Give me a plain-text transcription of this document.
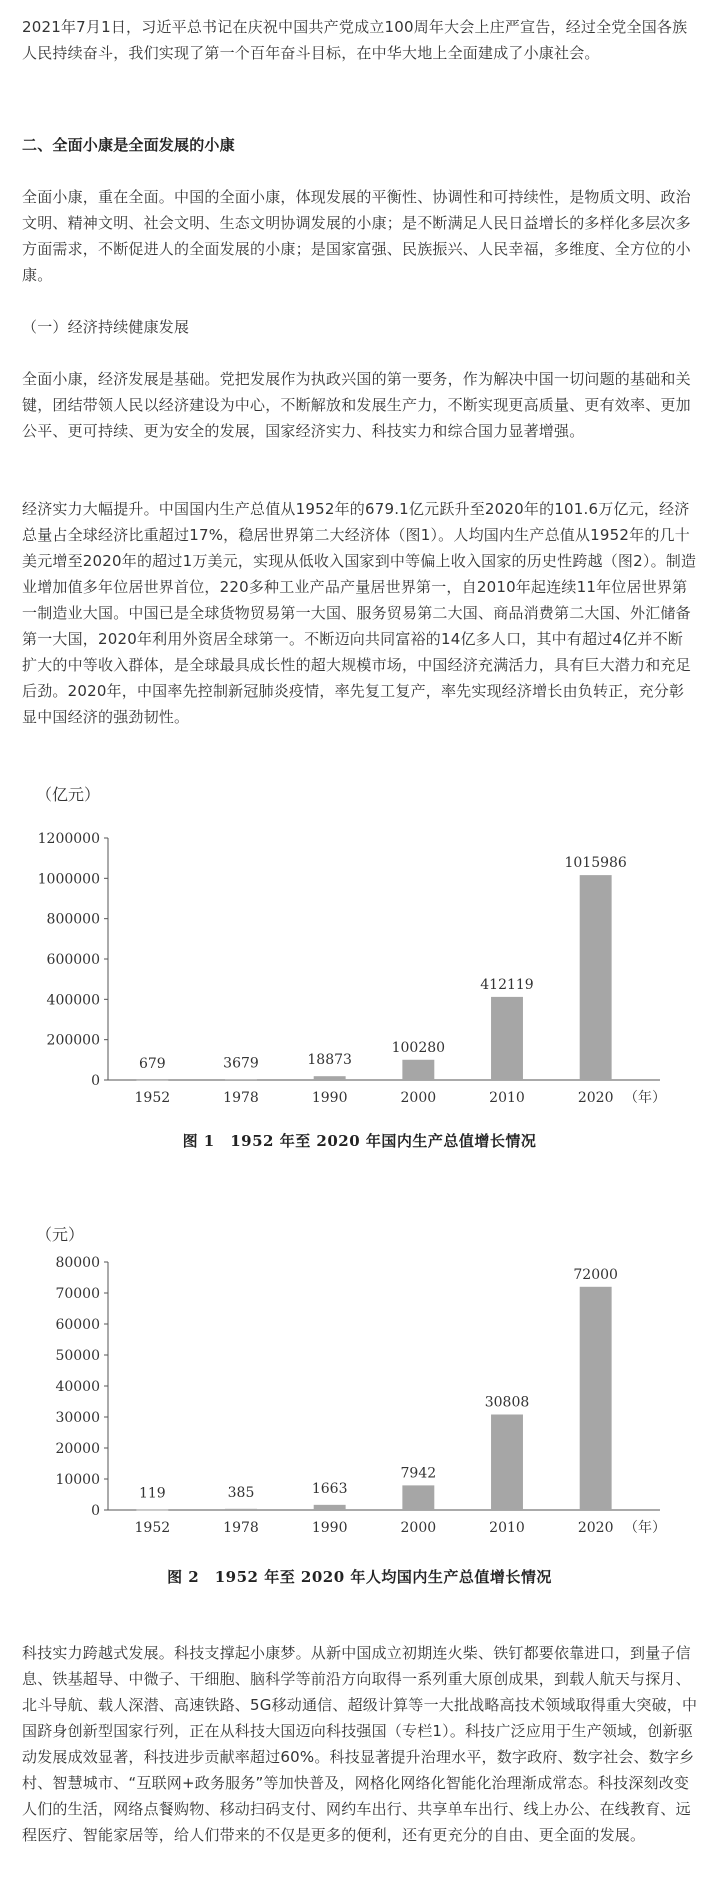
2021年7月1日，习近平总书记在庆祝中国共产党成立100周年大会上庄严宣告，经过全党全国各族人民持续奋斗，我们实现了第一个百年奋斗目标，在中华大地上全面建成了小康社会。

二、全面小康是全面发展的小康

全面小康，重在全面。中国的全面小康，体现发展的平衡性、协调性和可持续性，是物质文明、政治文明、精神文明、社会文明、生态文明协调发展的小康；是不断满足人民日益增长的多样化多层次多方面需求，不断促进人的全面发展的小康；是国家富强、民族振兴、人民幸福，多维度、全方位的小康。

（一）经济持续健康发展

全面小康，经济发展是基础。党把发展作为执政兴国的第一要务，作为解决中国一切问题的基础和关键，团结带领人民以经济建设为中心，不断解放和发展生产力，不断实现更高质量、更有效率、更加公平、更可持续、更为安全的发展，国家经济实力、科技实力和综合国力显著增强。

经济实力大幅提升。中国国内生产总值从1952年的679.1亿元跃升至2020年的101.6万亿元，经济总量占全球经济比重超过17%，稳居世界第二大经济体（图1）。人均国内生产总值从1952年的几十美元增至2020年的超过1万美元，实现从低收入国家到中等偏上收入国家的历史性跨越（图2）。制造业增加值多年位居世界首位，220多种工业产品产量居世界第一，自2010年起连续11年位居世界第一制造业大国。中国已是全球货物贸易第一大国、服务贸易第二大国、商品消费第二大国、外汇储备第一大国，2020年利用外资居全球第一。不断迈向共同富裕的14亿多人口，其中有超过4亿并不断扩大的中等收入群体，是全球最具成长性的超大规模市场，中国经济充满活力，具有巨大潜力和充足后劲。2020年，中国率先控制新冠肺炎疫情，率先复工复产，率先实现经济增长由负转正，充分彰显中国经济的强劲韧性。

（亿元）
0
200000
400000
600000
800000
1000000
1200000
679
1952
3679
1978
18873
1990
100280
2000
412119
2010
1015986
2020 （年）
图 1　1952 年至 2020 年国内生产总值增长情况
（元）
0
10000
20000
30000
40000
50000
60000
70000
80000
119
1952
385
1978
1663
1990
7942
2000
30808
2010
72000
2020 （年）
图 2　1952 年至 2020 年人均国内生产总值增长情况

科技实力跨越式发展。科技支撑起小康梦。从新中国成立初期连火柴、铁钉都要依靠进口，到量子信息、铁基超导、中微子、干细胞、脑科学等前沿方向取得一系列重大原创成果，到载人航天与探月、北斗导航、载人深潜、高速铁路、5G移动通信、超级计算等一大批战略高技术领域取得重大突破，中国跻身创新型国家行列，正在从科技大国迈向科技强国（专栏1）。科技广泛应用于生产领域，创新驱动发展成效显著，科技进步贡献率超过60%。科技显著提升治理水平，数字政府、数字社会、数字乡村、智慧城市、“互联网+政务服务”等加快普及，网格化网络化智能化治理渐成常态。科技深刻改变人们的生活，网络点餐购物、移动扫码支付、网约车出行、共享单车出行、线上办公、在线教育、远程医疗、智能家居等，给人们带来的不仅是更多的便利，还有更充分的自由、更全面的发展。
